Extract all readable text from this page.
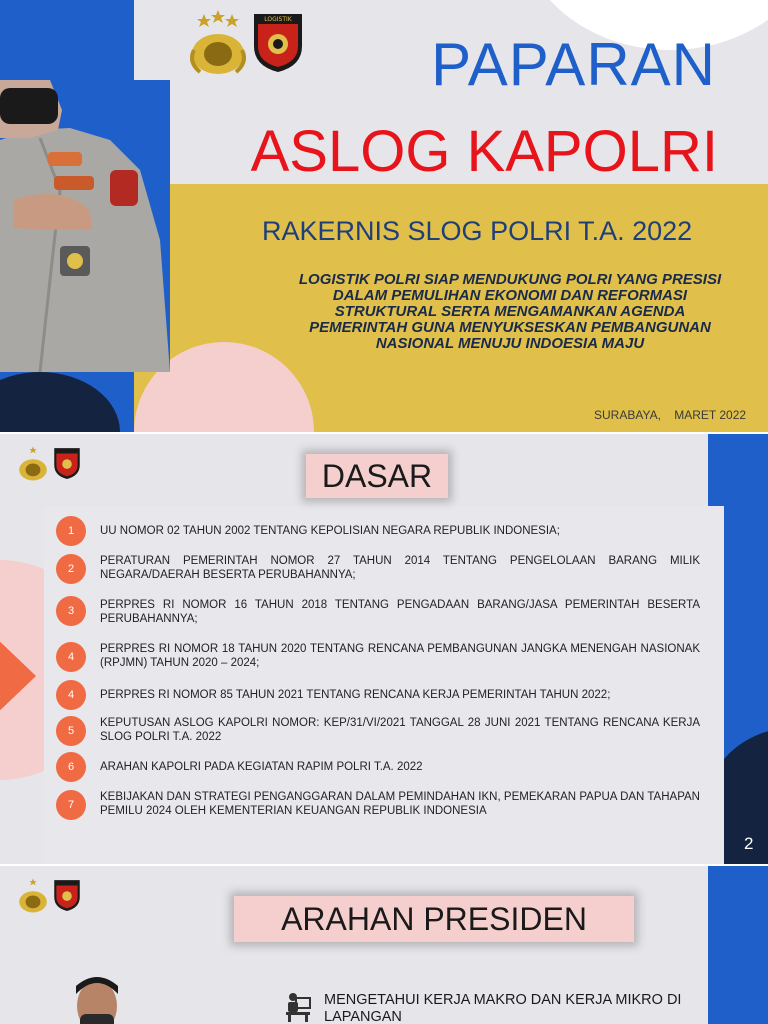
LOGISTIK
PAPARAN
ASLOG KAPOLRI
RAKERNIS SLOG POLRI T.A. 2022
LOGISTIK POLRI SIAP MENDUKUNG POLRI YANG PRESISI
DALAM PEMULIHAN EKONOMI DAN REFORMASI
STRUKTURAL SERTA MENGAMANKAN AGENDA
PEMERINTAH GUNA MENYUKSESKAN PEMBANGUNAN
NASIONAL MENUJU INDOESIA MAJU
SURABAYA,    MARET 2022
DASAR
1	UU NOMOR 02 TAHUN 2002 TENTANG KEPOLISIAN NEGARA REPUBLIK INDONESIA;
2
PERATURAN PEMERINTAH NOMOR 27 TAHUN 2014 TENTANG PENGELOLAAN BARANG MILIK NEGARA/DAERAH BESERTA PERUBAHANNYA;
3	PERPRES RI NOMOR 16 TAHUN 2018 TENTANG PENGADAAN BARANG/JASA PEMERINTAH BESERTA PERUBAHANNYA;
4
PERPRES RI NOMOR 18 TAHUN 2020 TENTANG RENCANA PEMBANGUNAN JANGKA MENENGAH NASIONAK (RPJMN) TAHUN 2020 – 2024;
4	PERPRES RI NOMOR 85 TAHUN 2021 TENTANG RENCANA KERJA PEMERINTAH TAHUN 2022;
5
KEPUTUSAN ASLOG KAPOLRI NOMOR: KEP/31/VI/2021 TANGGAL 28 JUNI 2021 TENTANG RENCANA KERJA SLOG POLRI T.A. 2022
6	ARAHAN KAPOLRI PADA KEGIATAN RAPIM POLRI T.A. 2022
7
KEBIJAKAN DAN STRATEGI PENGANGGARAN DALAM PEMINDAHAN IKN, PEMEKARAN PAPUA DAN TAHAPAN PEMILU 2024 OLEH KEMENTERIAN KEUANGAN REPUBLIK INDONESIA
2
ARAHAN PRESIDEN
MENGETAHUI KERJA MAKRO DAN KERJA MIKRO DI LAPANGAN
